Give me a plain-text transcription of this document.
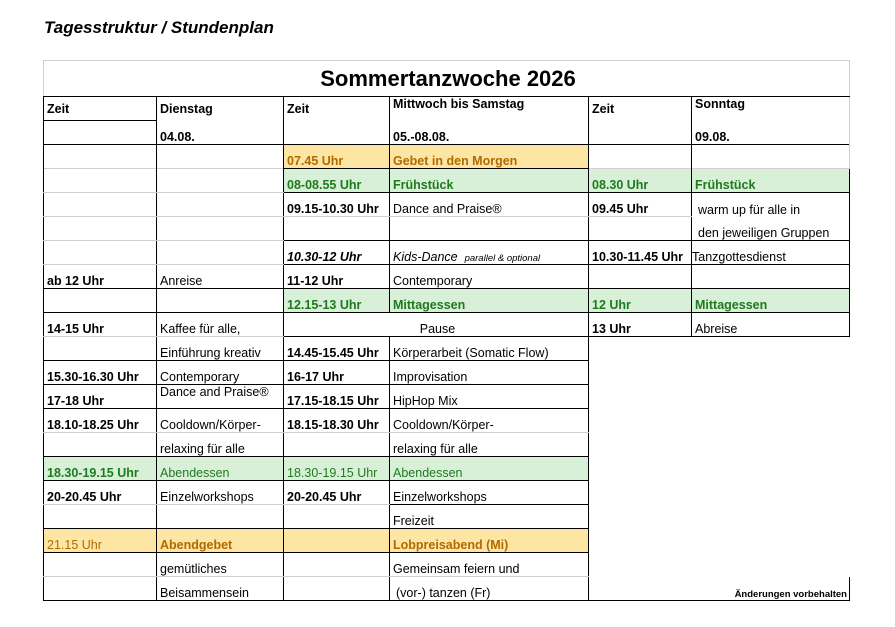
Tagesstruktur / Stundenplan
Sommertanzwoche 2026					
Zeit	Dienstag	Zeit	Mittwoch bis Samstag	Zeit	Sonntag
	04.08.		05.-08.08.		09.08.
		07.45 Uhr	Gebet in den Morgen		
		08-08.55 Uhr	Frühstück	08.30 Uhr	Frühstück
		09.15-10.30 Uhr	Dance and Praise®	09.45 Uhr	warm up für alle in
					den jeweiligen Gruppen
		10.30-12 Uhr	Kids-Dance parallel & optional	10.30-11.45 Uhr	Tanzgottesdienst
ab 12 Uhr	Anreise	11-12 Uhr	Contemporary		
		12.15-13 Uhr	Mittagessen	12 Uhr	Mittagessen
14-15 Uhr	Kaffee für alle,	Pause		13 Uhr	Abreise
	Einführung kreativ	14.45-15.45 Uhr	Körperarbeit (Somatic Flow)		
15.30-16.30 Uhr	Contemporary	16-17 Uhr	Improvisation		
17-18 Uhr	Dance and Praise®	17.15-18.15 Uhr	HipHop Mix		
18.10-18.25 Uhr	Cooldown/Körper-	18.15-18.30 Uhr	Cooldown/Körper-		
	relaxing für alle		relaxing für alle		
18.30-19.15 Uhr	Abendessen	18.30-19.15 Uhr	Abendessen		
20-20.45 Uhr	Einzelworkshops	20-20.45 Uhr	Einzelworkshops		
			Freizeit		
21.15 Uhr	Abendgebet		Lobpreisabend (Mi)		
	gemütliches		Gemeinsam feiern und		
	Beisammensein		(vor-) tanzen (Fr)	Änderungen vorbehalten	
